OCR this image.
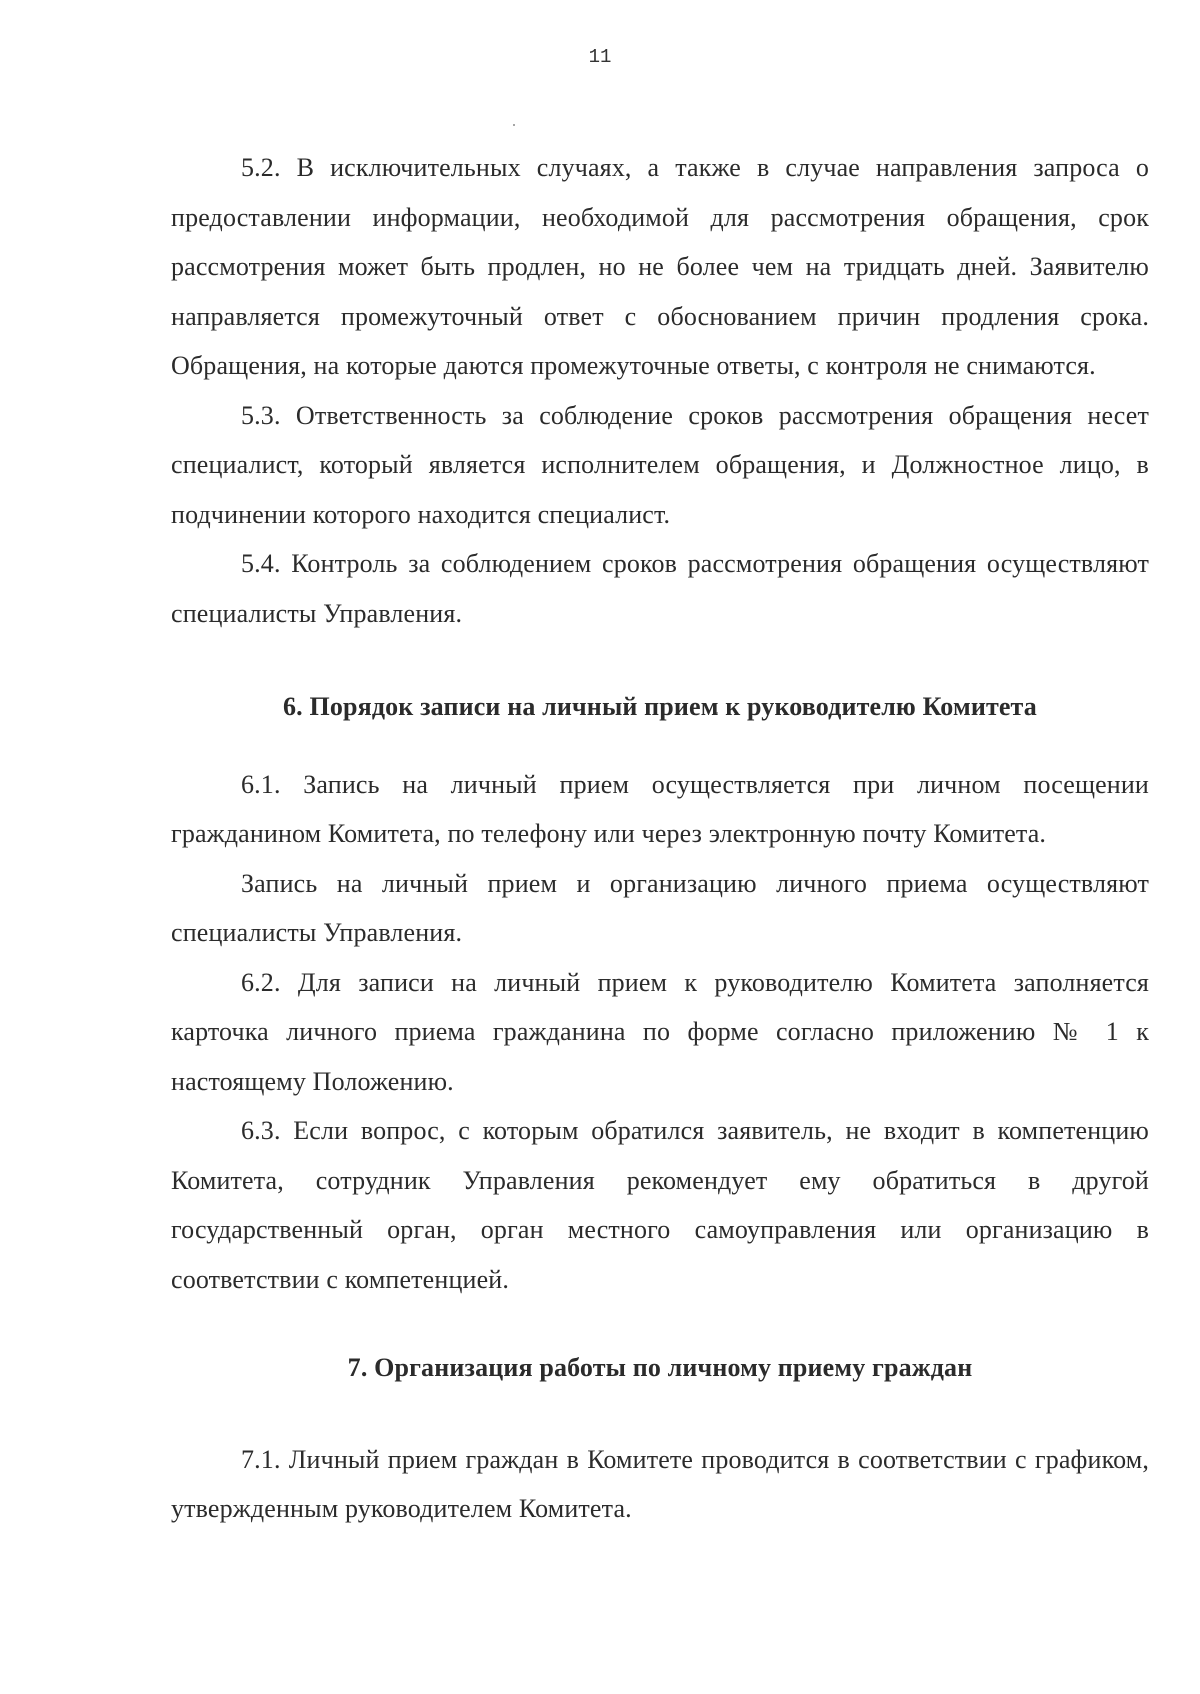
11

5.2. В исключительных случаях, а также в случае направления запроса о предоставлении информации, необходимой для рассмотрения обращения, срок рассмотрения может быть продлен, но не более чем на тридцать дней. Заявителю направляется промежуточный ответ с обоснованием причин продления срока. Обращения, на которые даются промежуточные ответы, с контроля не снимаются.

5.3. Ответственность за соблюдение сроков рассмотрения обращения несет специалист, который является исполнителем обращения, и Должностное лицо, в подчинении которого находится специалист.

5.4. Контроль за соблюдением сроков рассмотрения обращения осуществляют специалисты Управления.

6. Порядок записи на личный прием к руководителю Комитета

6.1. Запись на личный прием осуществляется при личном посещении гражданином Комитета, по телефону или через электронную почту Комитета.

Запись на личный прием и организацию личного приема осуществляют специалисты Управления.

6.2. Для записи на личный прием к руководителю Комитета заполняется карточка личного приема гражданина по форме согласно приложению № 1 к настоящему Положению.

6.3. Если вопрос, с которым обратился заявитель, не входит в компетенцию Комитета, сотрудник Управления рекомендует ему обратиться в другой государственный орган, орган местного самоуправления или организацию в соответствии с компетенцией.

7. Организация работы по личному приему граждан

7.1. Личный прием граждан в Комитете проводится в соответствии с графиком, утвержденным руководителем Комитета.
